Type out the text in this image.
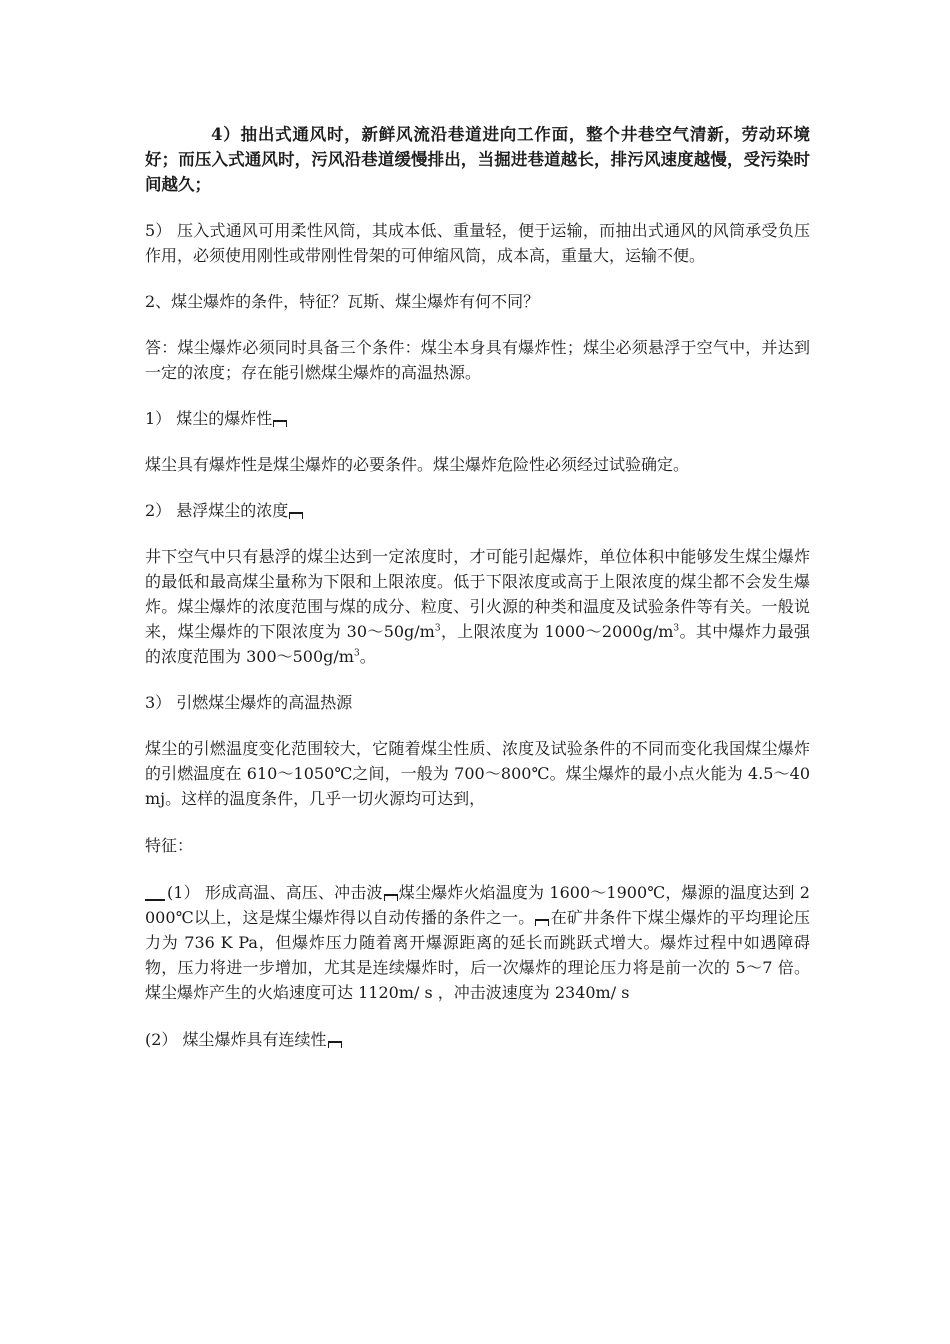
4）抽出式通风时，新鲜风流沿巷道进向工作面，整个井巷空气清新，劳动环境好；而压入式通风时，污风沿巷道缓慢排出，当掘进巷道越长，排污风速度越慢，受污染时间越久；

5） 压入式通风可用柔性风筒，其成本低、重量轻，便于运输，而抽出式通风的风筒承受负压作用，必须使用刚性或带刚性骨架的可伸缩风筒，成本高，重量大，运输不便。

2、煤尘爆炸的条件，特征？瓦斯、煤尘爆炸有何不同？

答：煤尘爆炸必须同时具备三个条件：煤尘本身具有爆炸性；煤尘必须悬浮于空气中，并达到一定的浓度；存在能引燃煤尘爆炸的高温热源。

1） 煤尘的爆炸性

煤尘具有爆炸性是煤尘爆炸的必要条件。煤尘爆炸危险性必须经过试验确定。

2） 悬浮煤尘的浓度

井下空气中只有悬浮的煤尘达到一定浓度时，才可能引起爆炸，单位体积中能够发生煤尘爆炸的最低和最高煤尘量称为下限和上限浓度。低于下限浓度或高于上限浓度的煤尘都不会发生爆炸。煤尘爆炸的浓度范围与煤的成分、粒度、引火源的种类和温度及试验条件等有关。一般说来，煤尘爆炸的下限浓度为 $30\sim 50g/m^3$，上限浓度为 $1000\sim 2000g/m^3$。其中爆炸力最强的浓度范围为 $300\sim 500g/m^3$。

3） 引燃煤尘爆炸的高温热源

煤尘的引燃温度变化范围较大，它随着煤尘性质、浓度及试验条件的不同而变化我国煤尘爆炸的引燃温度在 610～1050℃之间，一般为 700～800℃。煤尘爆炸的最小点火能为 4.5～40mj。这样的温度条件，几乎一切火源均可达到，

特征：

(1） 形成高温、高压、冲击波 煤尘爆炸火焰温度为 1600～1900℃，爆源的温度达到 2000℃以上，这是煤尘爆炸得以自动传播的条件之一。 在矿井条件下煤尘爆炸的平均理论压力为 736 K Pa，但爆炸压力随着离开爆源距离的延长而跳跃式增大。爆炸过程中如遇障碍物，压力将进一步增加，尤其是连续爆炸时，后一次爆炸的理论压力将是前一次的 5～7 倍。煤尘爆炸产生的火焰速度可达 1120m/ s ，冲击波速度为 2340m/ s

(2） 煤尘爆炸具有连续性
